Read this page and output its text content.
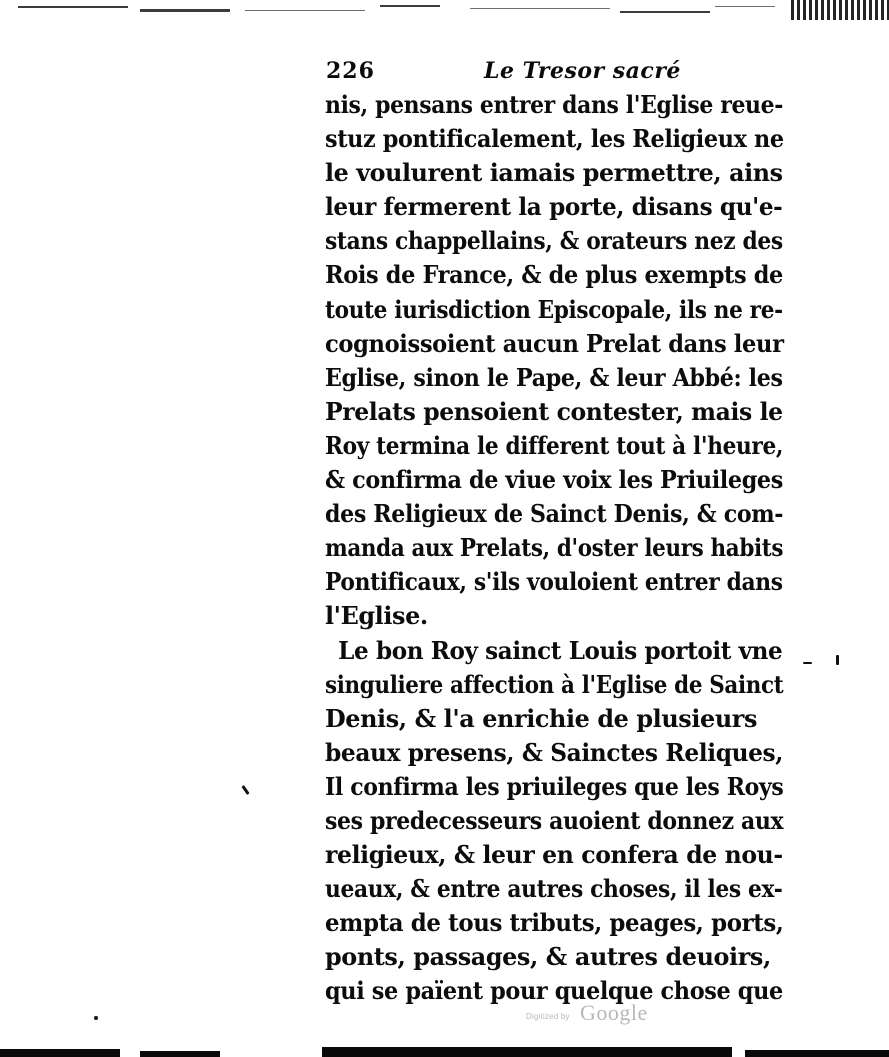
226	Le Tresor sacré
nis, pensans entrer dans l'Eglise reue-
stuz pontificalement, les Religieux ne
le voulurent iamais permettre, ains
leur fermerent la porte, disans qu'e-
stans chappellains, & orateurs nez des
Rois de France, & de plus exempts de
toute iurisdiction Episcopale, ils ne re-
cognoissoient aucun Prelat dans leur
Eglise, sinon le Pape, & leur Abbé: les
Prelats pensoient contester, mais le
Roy termina le different tout à l'heure,
& confirma de viue voix les Priuileges
des Religieux de Sainct Denis, & com-
manda aux Prelats, d'oster leurs habits
Pontificaux, s'ils vouloient entrer dans
l'Eglise.
Le bon Roy sainct Louis portoit vne
singuliere affection à l'Eglise de Sainct
Denis, & l'a enrichie de plusieurs
beaux presens, & Sainctes Reliques,
Il confirma les priuileges que les Roys
ses predecesseurs auoient donnez aux
religieux, & leur en confera de nou-
ueaux, & entre autres choses, il les ex-
empta de tous tributs, peages, ports,
ponts, passages, & autres deuoirs,
qui se païent pour quelque chose que
Digitized by Google
